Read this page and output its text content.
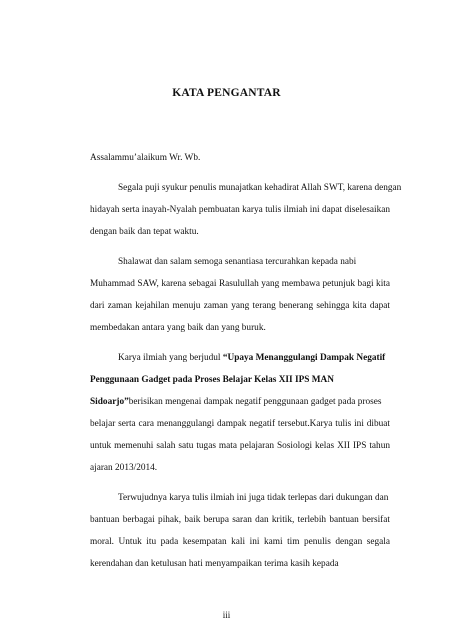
KATA PENGANTAR
Assalammu’alaikum Wr. Wb.
Segala puji syukur penulis munajatkan kehadirat Allah SWT, karena dengan
hidayah serta inayah-Nyalah pembuatan karya tulis ilmiah ini dapat diselesaikan
dengan baik dan tepat waktu.
Shalawat dan salam semoga senantiasa tercurahkan kepada nabi
Muhammad SAW, karena sebagai Rasulullah yang membawa petunjuk bagi kita
dari zaman kejahilan menuju zaman yang terang benerang sehingga kita dapat
membedakan antara yang baik dan yang buruk.
Karya ilmiah yang berjudul “Upaya Menanggulangi Dampak Negatif
Penggunaan Gadget pada Proses Belajar Kelas XII IPS MAN
Sidoarjo”berisikan mengenai dampak negatif penggunaan gadget pada proses
belajar serta cara menanggulangi dampak negatif tersebut.Karya tulis ini dibuat
untuk memenuhi salah satu tugas mata pelajaran Sosiologi kelas XII IPS tahun
ajaran 2013/2014.
Terwujudnya karya tulis ilmiah ini juga tidak terlepas dari dukungan dan
bantuan berbagai pihak, baik berupa saran dan kritik, terlebih bantuan bersifat
moral. Untuk itu pada kesempatan kali ini kami tim penulis dengan segala
kerendahan dan ketulusan hati menyampaikan terima kasih kepada
iii
